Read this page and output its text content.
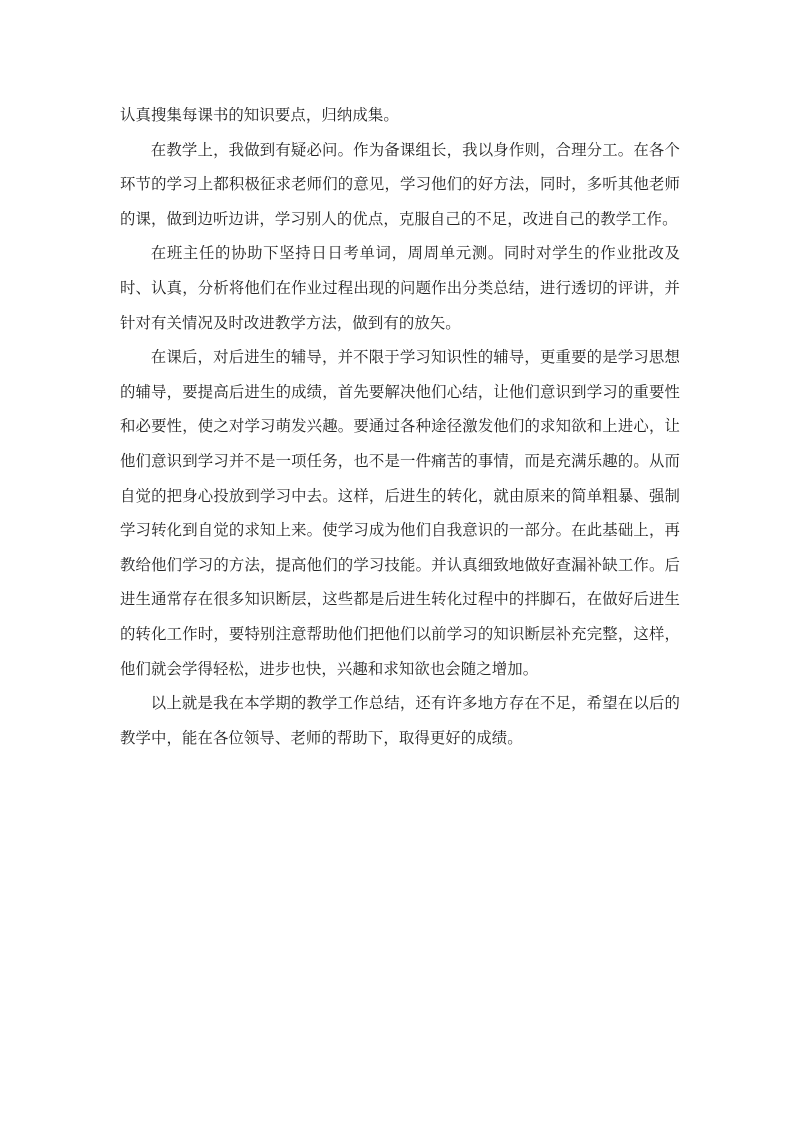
认真搜集每课书的知识要点，归纳成集。

在教学上，我做到有疑必问。作为备课组长，我以身作则，合理分工。在各个环节的学习上都积极征求老师们的意见，学习他们的好方法，同时，多听其他老师的课，做到边听边讲，学习别人的优点，克服自己的不足，改进自己的教学工作。

在班主任的协助下坚持日日考单词，周周单元测。同时对学生的作业批改及时、认真，分析将他们在作业过程出现的问题作出分类总结，进行透切的评讲，并针对有关情况及时改进教学方法，做到有的放矢。

在课后，对后进生的辅导，并不限于学习知识性的辅导，更重要的是学习思想的辅导，要提高后进生的成绩，首先要解决他们心结，让他们意识到学习的重要性和必要性，使之对学习萌发兴趣。要通过各种途径激发他们的求知欲和上进心，让他们意识到学习并不是一项任务，也不是一件痛苦的事情，而是充满乐趣的。从而自觉的把身心投放到学习中去。这样，后进生的转化，就由原来的简单粗暴、强制学习转化到自觉的求知上来。使学习成为他们自我意识的一部分。在此基础上，再教给他们学习的方法，提高他们的学习技能。并认真细致地做好查漏补缺工作。后进生通常存在很多知识断层，这些都是后进生转化过程中的拌脚石，在做好后进生的转化工作时，要特别注意帮助他们把他们以前学习的知识断层补充完整，这样，他们就会学得轻松，进步也快，兴趣和求知欲也会随之增加。

以上就是我在本学期的教学工作总结，还有许多地方存在不足，希望在以后的教学中，能在各位领导、老师的帮助下，取得更好的成绩。
